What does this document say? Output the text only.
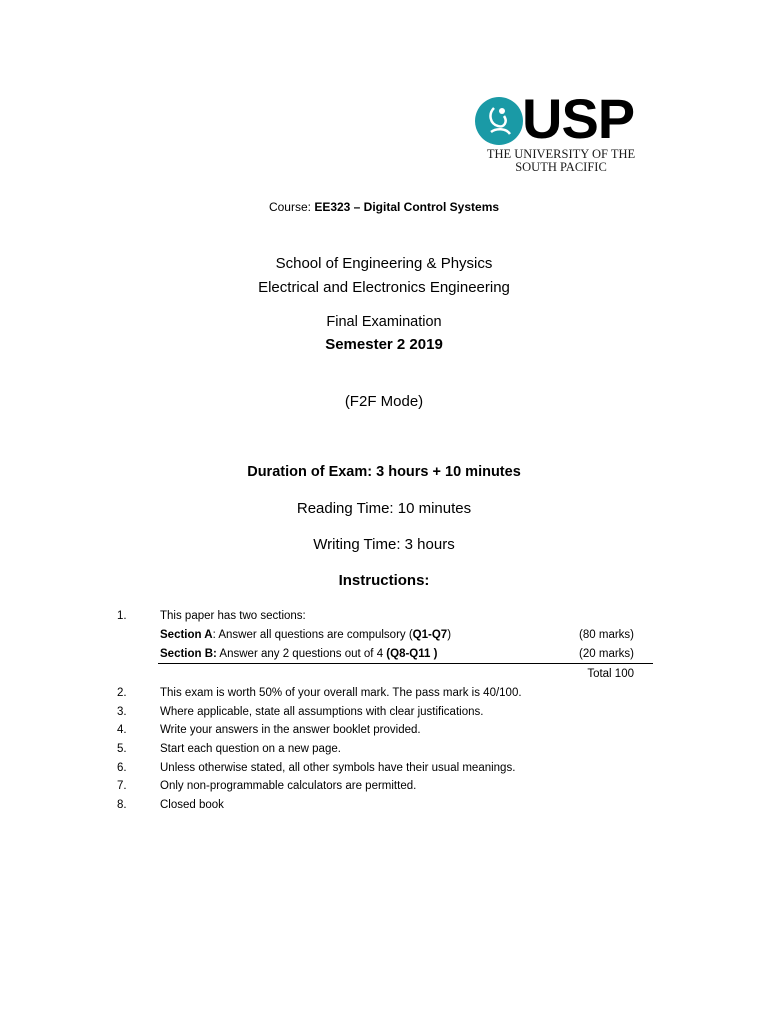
USP
THE UNIVERSITY OF THE
SOUTH PACIFIC
Course: EE323 – Digital Control Systems
School of Engineering & Physics
Electrical and Electronics Engineering
Final Examination
Semester 2 2019
(F2F Mode)
Duration of Exam: 3 hours + 10 minutes
Reading Time: 10 minutes
Writing Time: 3 hours
Instructions:
1.	This paper has two sections:
Section A: Answer all questions are compulsory (Q1-Q7)	(80 marks)
Section B: Answer any 2 questions out of 4 (Q8-Q11 )	(20 marks)
Total 100
2.	This exam is worth 50% of your overall mark. The pass mark is 40/100.
3.	Where applicable, state all assumptions with clear justifications.
4.	Write your answers in the answer booklet provided.
5.	Start each question on a new page.
6.	Unless otherwise stated, all other symbols have their usual meanings.
7.	Only non-programmable calculators are permitted.
8.	Closed book
